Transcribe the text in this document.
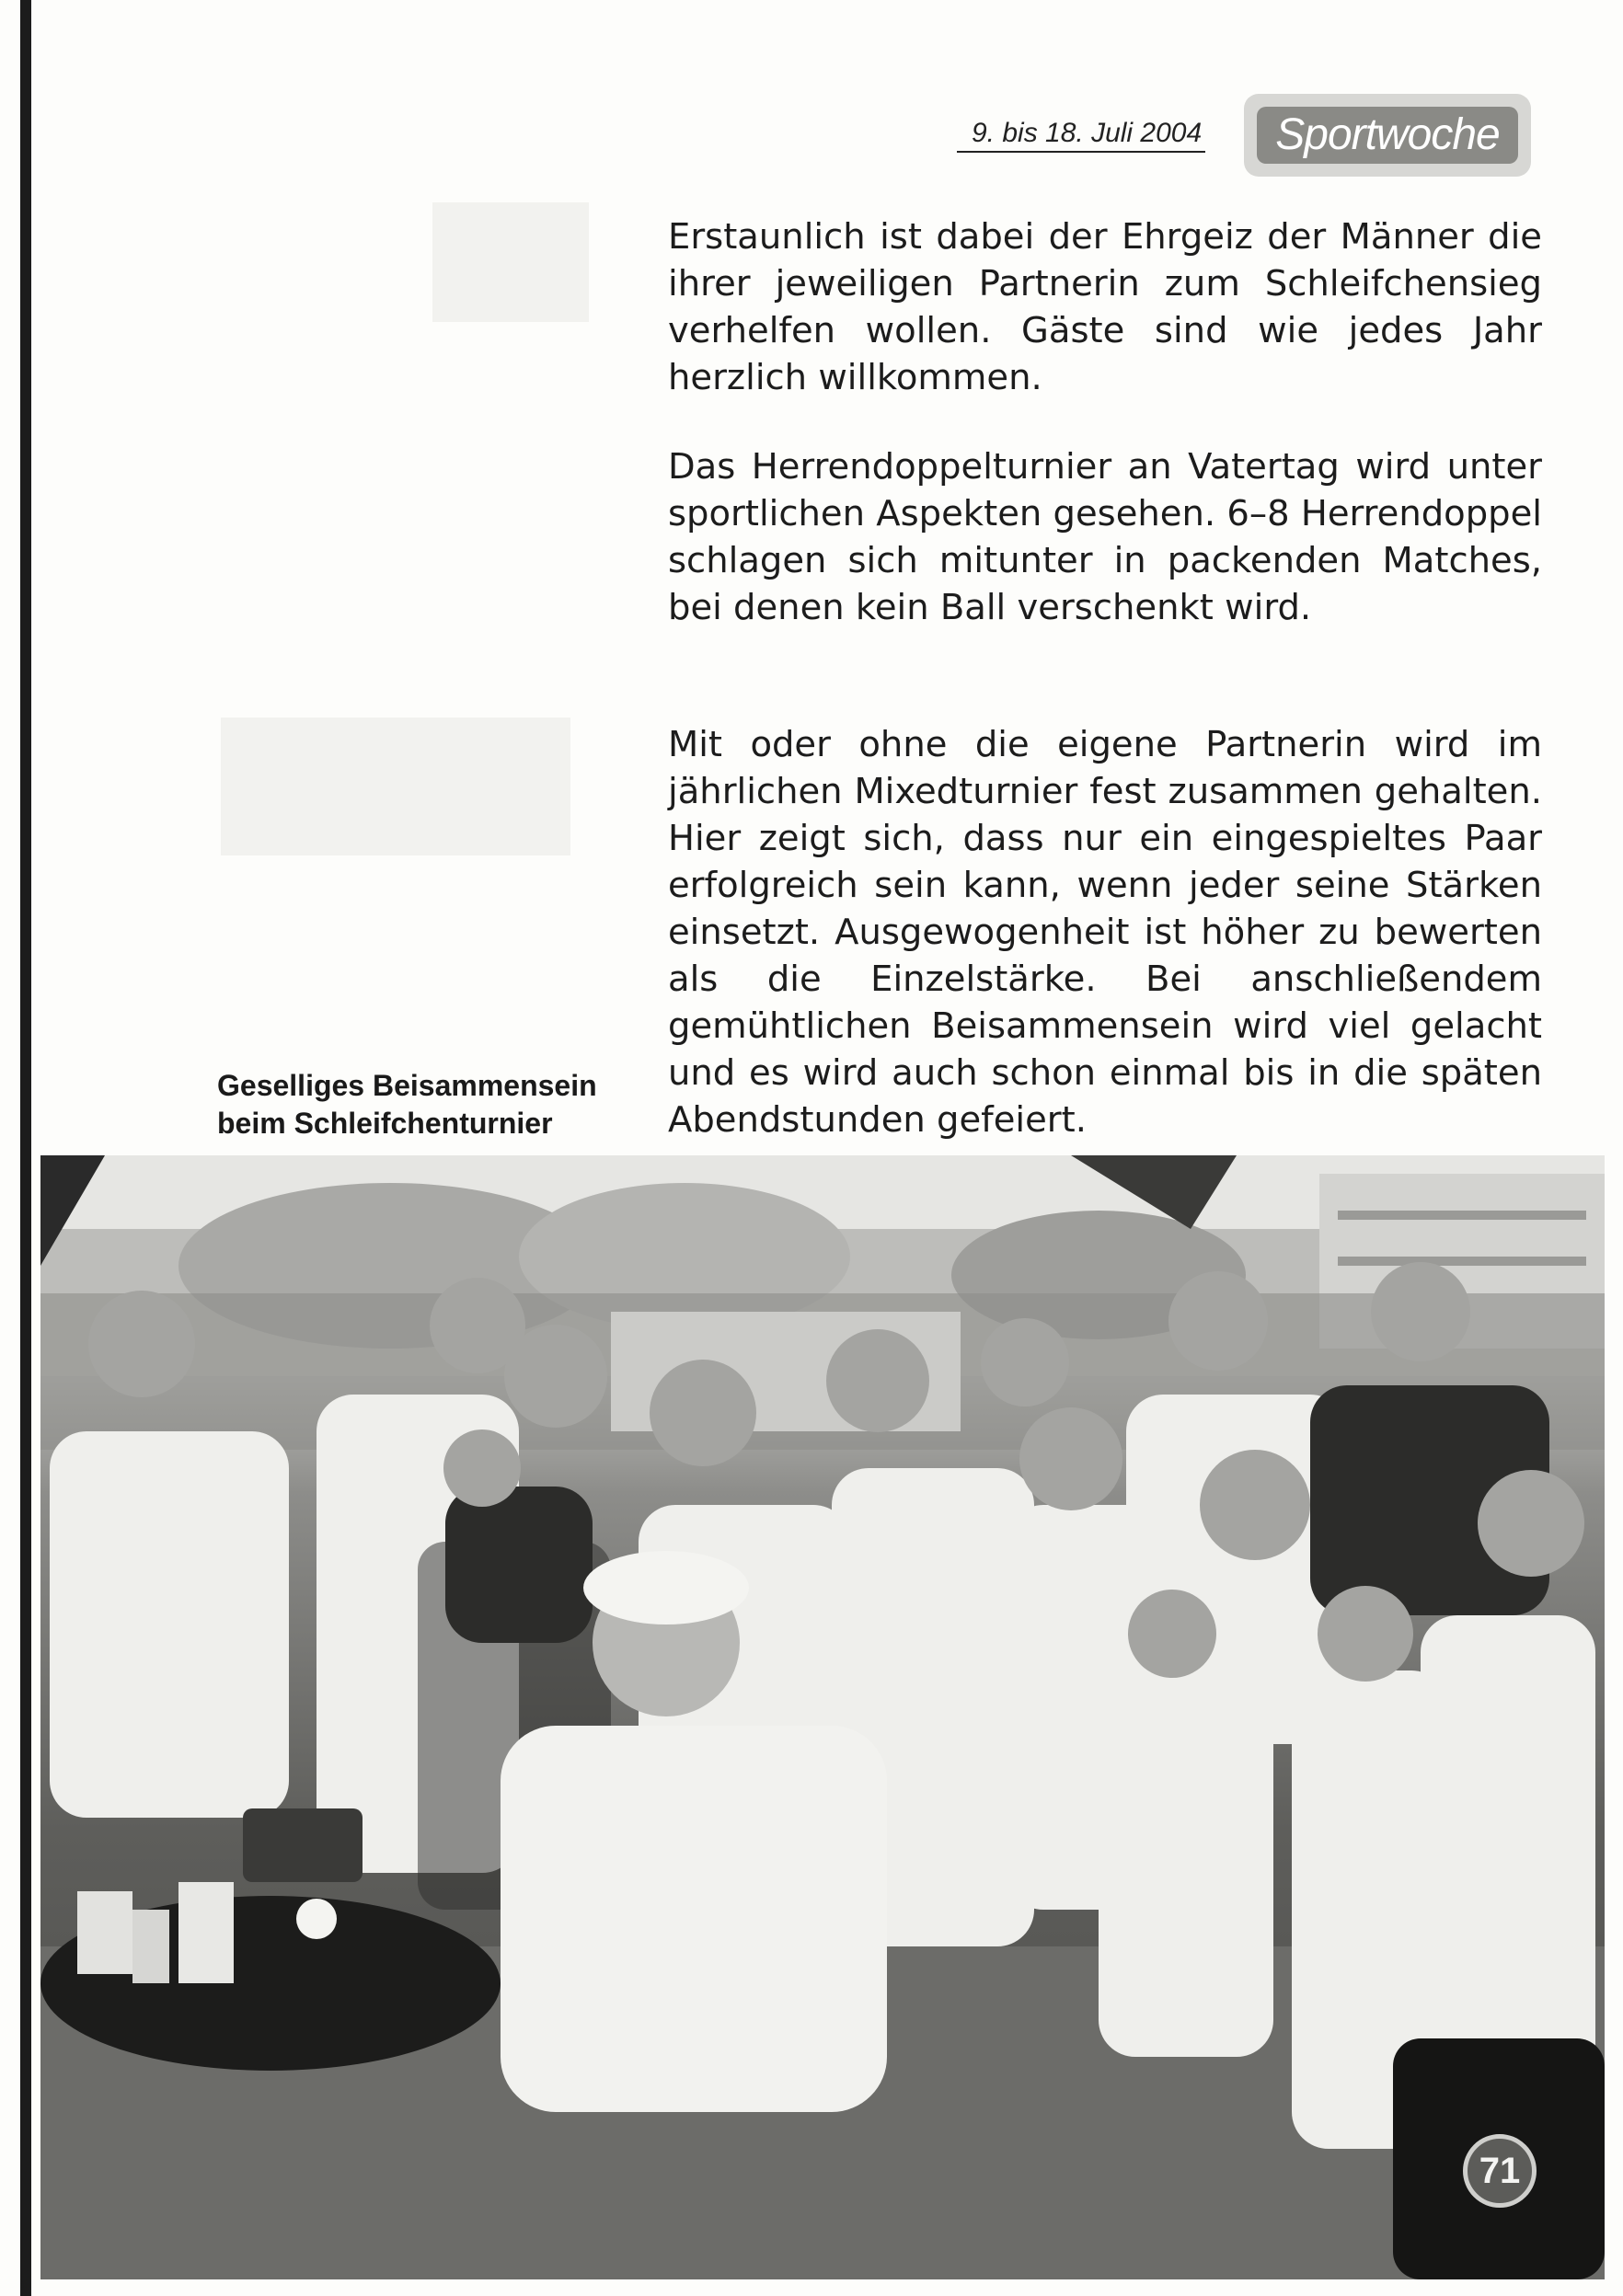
9. bis 18. Juli 2004	Sportwoche

Erstaunlich ist dabei der Ehrgeiz der Männer die ihrer jeweiligen Partnerin zum Schleifchensieg verhelfen wollen. Gäste sind wie jedes Jahr herzlich willkommen.

Das Herrendoppelturnier an Vatertag wird unter sportlichen Aspekten gesehen. 6–8 Herrendoppel schlagen sich mitunter in packenden Matches, bei denen kein Ball verschenkt wird.

Mit oder ohne die eigene Partnerin wird im jährlichen Mixedturnier fest zusammen gehalten. Hier zeigt sich, dass nur ein eingespieltes Paar erfolgreich sein kann, wenn jeder seine Stärken einsetzt. Ausgewogenheit ist höher zu bewerten als die Einzelstärke. Bei anschließendem gemühtlichen Beisammensein wird viel gelacht und es wird auch schon einmal bis in die späten Abendstunden gefeiert.

Geselliges Beisammensein
beim Schleifchenturnier
71
